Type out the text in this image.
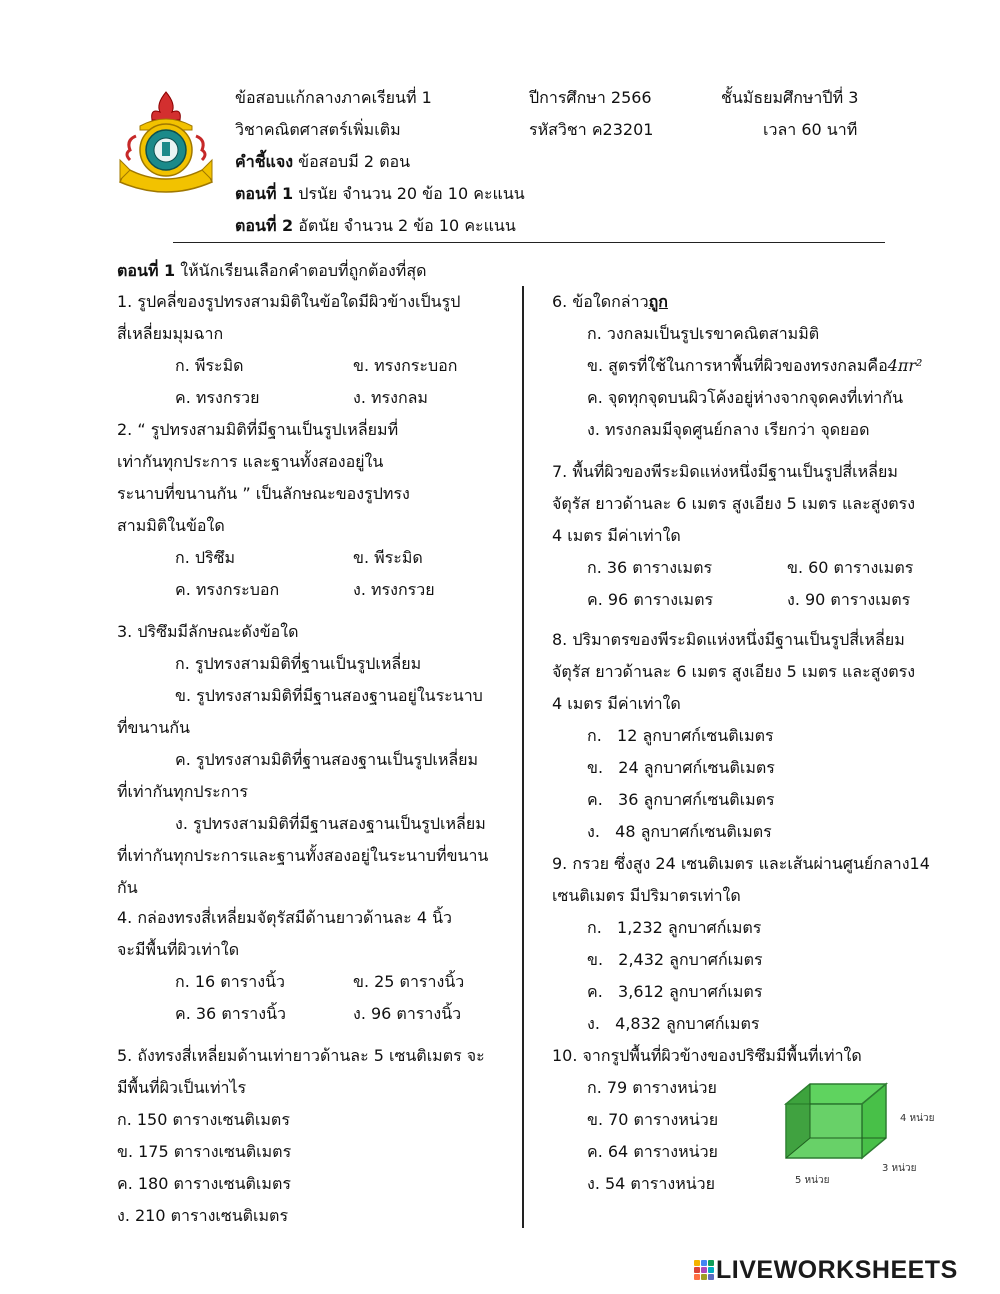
ข้อสอบแก้กลางภาคเรียนที่ 1	ปีการศึกษา 2566	ชั้นมัธยมศึกษาปีที่ 3
วิชาคณิตศาสตร์เพิ่มเติม	รหัสวิชา ค23201	เวลา 60 นาที
คำชี้แจง ข้อสอบมี 2 ตอน
ตอนที่ 1 ปรนัย จำนวน 20 ข้อ 10 คะแนน
ตอนที่ 2 อัตนัย จำนวน 2 ข้อ 10 คะแนน
ตอนที่ 1 ให้นักเรียนเลือกคำตอบที่ถูกต้องที่สุด
1. รูปคลี่ของรูปทรงสามมิติในข้อใดมีผิวข้างเป็นรูป
สี่เหลี่ยมมุมฉาก
ก. พีระมิด	ข. ทรงกระบอก
ค. ทรงกรวย	ง. ทรงกลม
2. “ รูปทรงสามมิติที่มีฐานเป็นรูปเหลี่ยมที่
เท่ากันทุกประการ และฐานทั้งสองอยู่ใน
ระนาบที่ขนานกัน ” เป็นลักษณะของรูปทรง
สามมิติในข้อใด
ก. ปริซึม	ข. พีระมิด
ค. ทรงกระบอก	ง. ทรงกรวย
3. ปริซึมมีลักษณะดังข้อใด
ก. รูปทรงสามมิติที่ฐานเป็นรูปเหลี่ยม
ข. รูปทรงสามมิติที่มีฐานสองฐานอยู่ในระนาบ
ที่ขนานกัน
ค. รูปทรงสามมิติที่ฐานสองฐานเป็นรูปเหลี่ยม
ที่เท่ากันทุกประการ
ง. รูปทรงสามมิติที่มีฐานสองฐานเป็นรูปเหลี่ยม
ที่เท่ากันทุกประการและฐานทั้งสองอยู่ในระนาบที่ขนาน
กัน
4. กล่องทรงสี่เหลี่ยมจัตุรัสมีด้านยาวด้านละ 4 นิ้ว
จะมีพื้นที่ผิวเท่าใด
ก. 16 ตารางนิ้ว	ข. 25 ตารางนิ้ว
ค. 36 ตารางนิ้ว	ง. 96 ตารางนิ้ว
5. ถังทรงสี่เหลี่ยมด้านเท่ายาวด้านละ 5 เซนติเมตร จะ
มีพื้นที่ผิวเป็นเท่าไร
ก. 150 ตารางเซนติเมตร
ข. 175 ตารางเซนติเมตร
ค. 180 ตารางเซนติเมตร
ง. 210 ตารางเซนติเมตร
6. ข้อใดกล่าวถูก
ก. วงกลมเป็นรูปเรขาคณิตสามมิติ
ข. สูตรที่ใช้ในการหาพื้นที่ผิวของทรงกลมคือ4πr²
ค. จุดทุกจุดบนผิวโค้งอยู่ห่างจากจุดคงที่เท่ากัน
ง. ทรงกลมมีจุดศูนย์กลาง เรียกว่า จุดยอด
7. พื้นที่ผิวของพีระมิดแห่งหนึ่งมีฐานเป็นรูปสี่เหลี่ยม
จัตุรัส ยาวด้านละ 6 เมตร สูงเอียง 5 เมตร และสูงตรง
4 เมตร มีค่าเท่าใด
ก. 36 ตารางเมตร	ข. 60 ตารางเมตร
ค. 96 ตารางเมตร	ง. 90 ตารางเมตร
8. ปริมาตรของพีระมิดแห่งหนึ่งมีฐานเป็นรูปสี่เหลี่ยม
จัตุรัส ยาวด้านละ 6 เมตร สูงเอียง 5 เมตร และสูงตรง
4 เมตร มีค่าเท่าใด
ก.   12 ลูกบาศก์เซนติเมตร
ข.   24 ลูกบาศก์เซนติเมตร
ค.   36 ลูกบาศก์เซนติเมตร
ง.   48 ลูกบาศก์เซนติเมตร
9. กรวย ซึ่งสูง 24 เซนติเมตร และเส้นผ่านศูนย์กลาง14
เซนติเมตร มีปริมาตรเท่าใด
ก.   1,232 ลูกบาศก์เมตร
ข.   2,432 ลูกบาศก์เมตร
ค.   3,612 ลูกบาศก์เมตร
ง.   4,832 ลูกบาศก์เมตร
10. จากรูปพื้นที่ผิวข้างของปริซึมมีพื้นที่เท่าใด
ก. 79 ตารางหน่วย
ข. 70 ตารางหน่วย
ค. 64 ตารางหน่วย
ง. 54 ตารางหน่วย
4 หน่วย
3 หน่วย
5 หน่วย
LIVEWORKSHEETS
